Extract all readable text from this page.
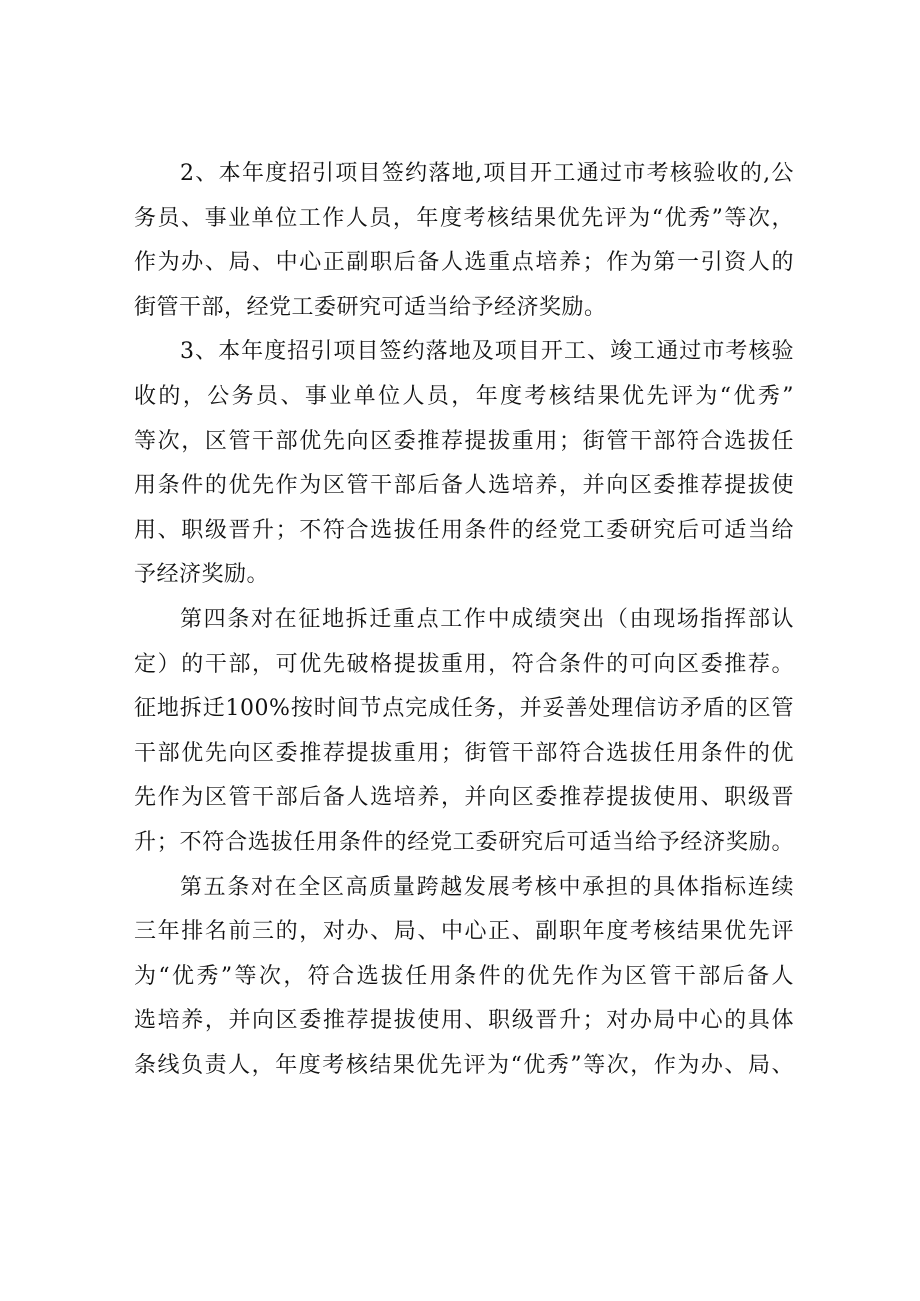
2、本年度招引项目签约落地,项目开工通过市考核验收的,公
务员、事业单位工作人员，年度考核结果优先评为“优秀”等次，
作为办、局、中心正副职后备人选重点培养；作为第一引资人的
街管干部，经党工委研究可适当给予经济奖励。
3、本年度招引项目签约落地及项目开工、竣工通过市考核验
收的，公务员、事业单位人员，年度考核结果优先评为“优秀”
等次，区管干部优先向区委推荐提拔重用；街管干部符合选拔任
用条件的优先作为区管干部后备人选培养，并向区委推荐提拔使
用、职级晋升；不符合选拔任用条件的经党工委研究后可适当给
予经济奖励。
第四条对在征地拆迁重点工作中成绩突出（由现场指挥部认
定）的干部，可优先破格提拔重用，符合条件的可向区委推荐。
征地拆迁100%按时间节点完成任务，并妥善处理信访矛盾的区管
干部优先向区委推荐提拔重用；街管干部符合选拔任用条件的优
先作为区管干部后备人选培养，并向区委推荐提拔使用、职级晋
升；不符合选拔任用条件的经党工委研究后可适当给予经济奖励。
第五条对在全区高质量跨越发展考核中承担的具体指标连续
三年排名前三的，对办、局、中心正、副职年度考核结果优先评
为“优秀”等次，符合选拔任用条件的优先作为区管干部后备人
选培养，并向区委推荐提拔使用、职级晋升；对办局中心的具体
条线负责人，年度考核结果优先评为“优秀”等次，作为办、局、
